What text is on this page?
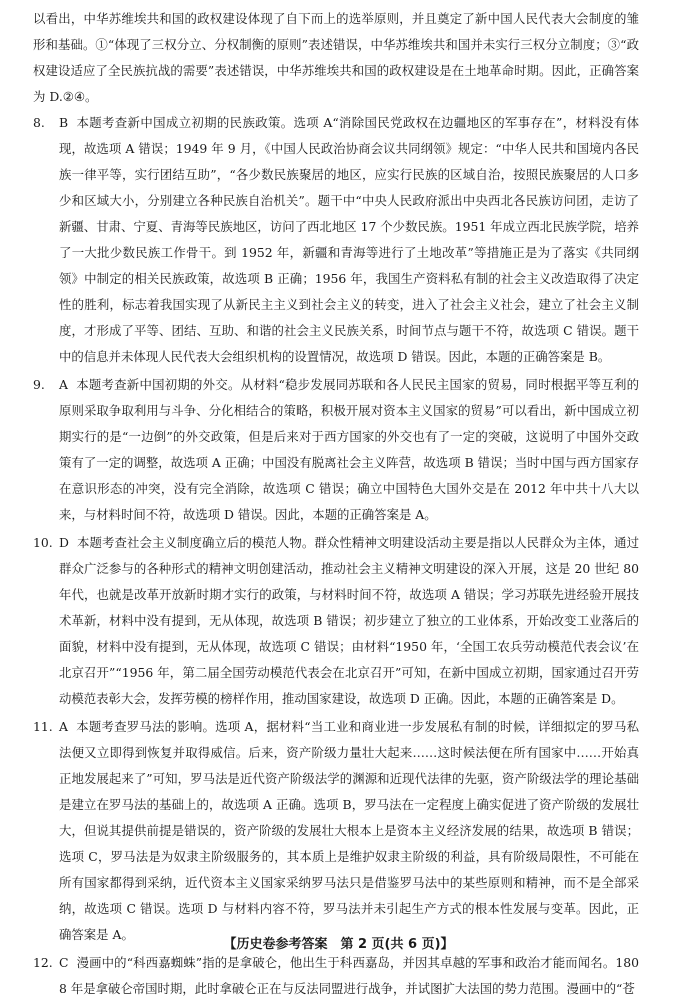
以看出，中华苏维埃共和国的政权建设体现了自下而上的选举原则，并且奠定了新中国人民代表大会制度的雏形和基础。①“体现了三权分立、分权制衡的原则”表述错误，中华苏维埃共和国并未实行三权分立制度；③“政权建设适应了全民族抗战的需要”表述错误，中华苏维埃共和国的政权建设是在土地革命时期。因此，正确答案为 D.②④。

8. B 本题考查新中国成立初期的民族政策。选项 A“消除国民党政权在边疆地区的军事存在”，材料没有体现，故选项 A 错误；1949 年 9 月，《中国人民政治协商会议共同纲领》规定：“中华人民共和国境内各民族一律平等，实行团结互助”，“各少数民族聚居的地区，应实行民族的区域自治，按照民族聚居的人口多少和区域大小，分别建立各种民族自治机关”。题干中“中央人民政府派出中央西北各民族访问团，走访了新疆、甘肃、宁夏、青海等民族地区，访问了西北地区 17 个少数民族。1951 年成立西北民族学院，培养了一大批少数民族工作骨干。到 1952 年，新疆和青海等进行了土地改革”等措施正是为了落实《共同纲领》中制定的相关民族政策，故选项 B 正确；1956 年，我国生产资料私有制的社会主义改造取得了决定性的胜利，标志着我国实现了从新民主主义到社会主义的转变，进入了社会主义社会，建立了社会主义制度，才形成了平等、团结、互助、和谐的社会主义民族关系，时间节点与题干不符，故选项 C 错误。题干中的信息并未体现人民代表大会组织机构的设置情况，故选项 D 错误。因此，本题的正确答案是 B。

9. A 本题考查新中国初期的外交。从材料“稳步发展同苏联和各人民民主国家的贸易，同时根据平等互利的原则采取争取利用与斗争、分化相结合的策略，积极开展对资本主义国家的贸易”可以看出，新中国成立初期实行的是“一边倒”的外交政策，但是后来对于西方国家的外交也有了一定的突破，这说明了中国外交政策有了一定的调整，故选项 A 正确；中国没有脱离社会主义阵营，故选项 B 错误；当时中国与西方国家存在意识形态的冲突，没有完全消除，故选项 C 错误；确立中国特色大国外交是在 2012 年中共十八大以来，与材料时间不符，故选项 D 错误。因此，本题的正确答案是 A。

10. D 本题考查社会主义制度确立后的模范人物。群众性精神文明建设活动主要是指以人民群众为主体，通过群众广泛参与的各种形式的精神文明创建活动，推动社会主义精神文明建设的深入开展，这是 20 世纪 80 年代，也就是改革开放新时期才实行的政策，与材料时间不符，故选项 A 错误；学习苏联先进经验开展技术革新，材料中没有提到，无从体现，故选项 B 错误；初步建立了独立的工业体系，开始改变工业落后的面貌，材料中没有提到，无从体现，故选项 C 错误；由材料“1950 年，‘全国工农兵劳动模范代表会议’在北京召开”“1956 年，第二届全国劳动模范代表会在北京召开”可知，在新中国成立初期，国家通过召开劳动模范表彰大会，发挥劳模的榜样作用，推动国家建设，故选项 D 正确。因此，本题的正确答案是 D。

11. A 本题考查罗马法的影响。选项 A，据材料“当工业和商业进一步发展私有制的时候，详细拟定的罗马私法便又立即得到恢复并取得威信。后来，资产阶级力量壮大起来……这时候法便在所有国家中……开始真正地发展起来了”可知，罗马法是近代资产阶级法学的渊源和近现代法律的先驱，资产阶级法学的理论基础是建立在罗马法的基础上的，故选项 A 正确。选项 B，罗马法在一定程度上确实促进了资产阶级的发展壮大，但说其提供前提是错误的，资产阶级的发展壮大根本上是资本主义经济发展的结果，故选项 B 错误；选项 C，罗马法是为奴隶主阶级服务的，其本质上是维护奴隶主阶级的利益，具有阶级局限性，不可能在所有国家都得到采纳，近代资本主义国家采纳罗马法只是借鉴罗马法中的某些原则和精神，而不是全部采纳，故选项 C 错误。选项 D 与材料内容不符，罗马法并未引起生产方式的根本性发展与变革。因此，正确答案是 A。

12. C 漫画中的“科西嘉蜘蛛”指的是拿破仑，他出生于科西嘉岛，并因其卓越的军事和政治才能而闻名。1808 年是拿破仑帝国时期，此时拿破仑正在与反法同盟进行战争，并试图扩大法国的势力范围。漫画中的“苍

【历史卷参考答案　第 2 页(共 6 页)】
